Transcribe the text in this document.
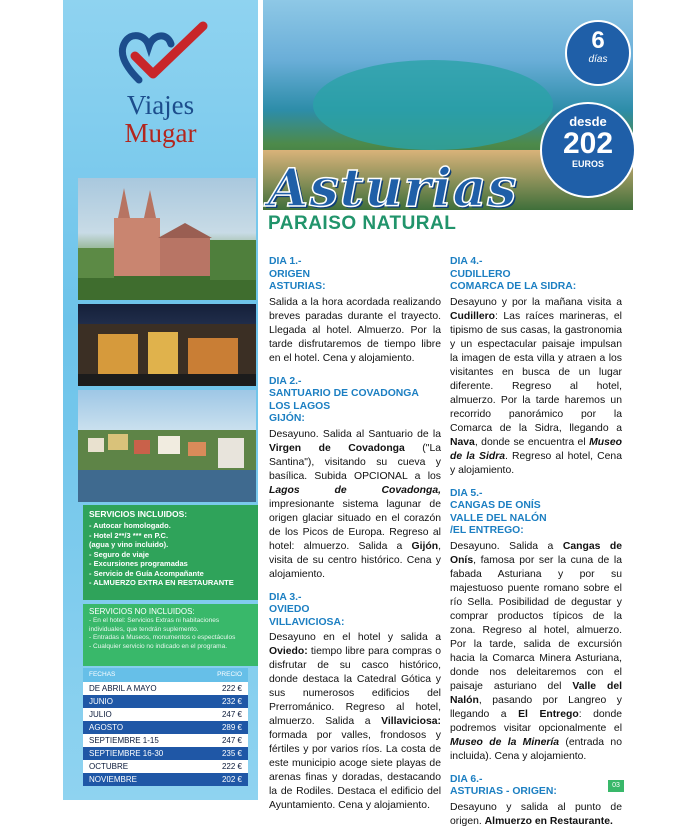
Viajes
Mugar
SERVICIOS INCLUIDOS:
- Autocar homologado.
- Hotel 2**/3 *** en P.C.
(agua y vino incluido).
- Seguro de viaje
- Excursiones programadas
- Servicio de Guía Acompañante
- ALMUERZO EXTRA EN RESTAURANTE
SERVICIOS NO INCLUIDOS:
- En el hotel: Servicios Extras ni habitaciones
individuales, que tendrán suplemento.
- Entradas a Museos, monumentos o espectáculos
- Cualquier servicio no indicado en el programa.
FECHAS	PRECIO
DE ABRIL A MAYO	222 €
JUNIO	232 €
JULIO	247 €
AGOSTO	289 €
SEPTIEMBRE 1-15	247 €
SEPTIEMBRE 16-30	235 €
OCTUBRE	222 €
NOVIEMBRE	202 €
6
días
desde
202
EUROS
Asturias
PARAISO NATURAL
DIA 1.-
ORIGEN
ASTURIAS:

Salida a la hora acordada realizando breves paradas durante el trayecto. Llegada al hotel. Almuerzo. Por la tarde disfrutaremos de tiempo libre en el hotel. Cena y alojamiento.

DIA 2.-
SANTUARIO DE COVADONGA
LOS LAGOS
GIJÓN:

Desayuno. Salida al Santuario de la Virgen de Covadonga ("La Santina"), visitando su cueva y basílica. Subida OPCIONAL a los Lagos de Covadonga, impresionante sistema lagunar de origen glaciar situado en el corazón de los Picos de Europa. Regreso al hotel: almuerzo. Salida a Gijón, visita de su centro histórico. Cena y alojamiento.

DIA 3.-
OVIEDO
VILLAVICIOSA:

Desayuno en el hotel y salida a Oviedo: tiempo libre para compras o disfrutar de su casco histórico, donde destaca la Catedral Gótica y sus numerosos edificios del Prerrománico. Regreso al hotel, almuerzo. Salida a Villaviciosa: formada por valles, frondosos y fértiles y por varios ríos. La costa de este municipio acoge siete playas de arenas finas y doradas, destacando la de Rodiles. Destaca el edificio del Ayuntamiento. Cena y alojamiento.

DIA 4.-
CUDILLERO
COMARCA DE LA SIDRA:

Desayuno y por la mañana visita a Cudillero: Las raíces marineras, el tipismo de sus casas, la gastronomia y un espectacular paisaje impulsan la imagen de esta villa y atraen a los visitantes en busca de un lugar diferente. Regreso al hotel, almuerzo. Por la tarde haremos un recorrido panorámico por la Comarca de la Sidra, llegando a Nava, donde se encuentra el Museo de la Sidra. Regreso al hotel, Cena y alojamiento.

DIA 5.-
CANGAS DE ONÍS
VALLE DEL NALÓN
/EL ENTREGO:

Desayuno. Salida a Cangas de Onís, famosa por ser la cuna de la fabada Asturiana y por su majestuoso puente romano sobre el río Sella. Posibilidad de degustar y comprar productos típicos de la zona. Regreso al hotel, almuerzo. Por la tarde, salida de excursión hacia la Comarca Minera Asturiana, donde nos deleitaremos con el paisaje asturiano del Valle del Nalón, pasando por Langreo y llegando a El Entrego: donde podremos visitar opcionalmente el Museo de la Minería (entrada no incluida). Cena y alojamiento.

DIA 6.-
ASTURIAS - ORIGEN:

Desayuno y salida al punto de origen. Almuerzo en Restaurante.

03
